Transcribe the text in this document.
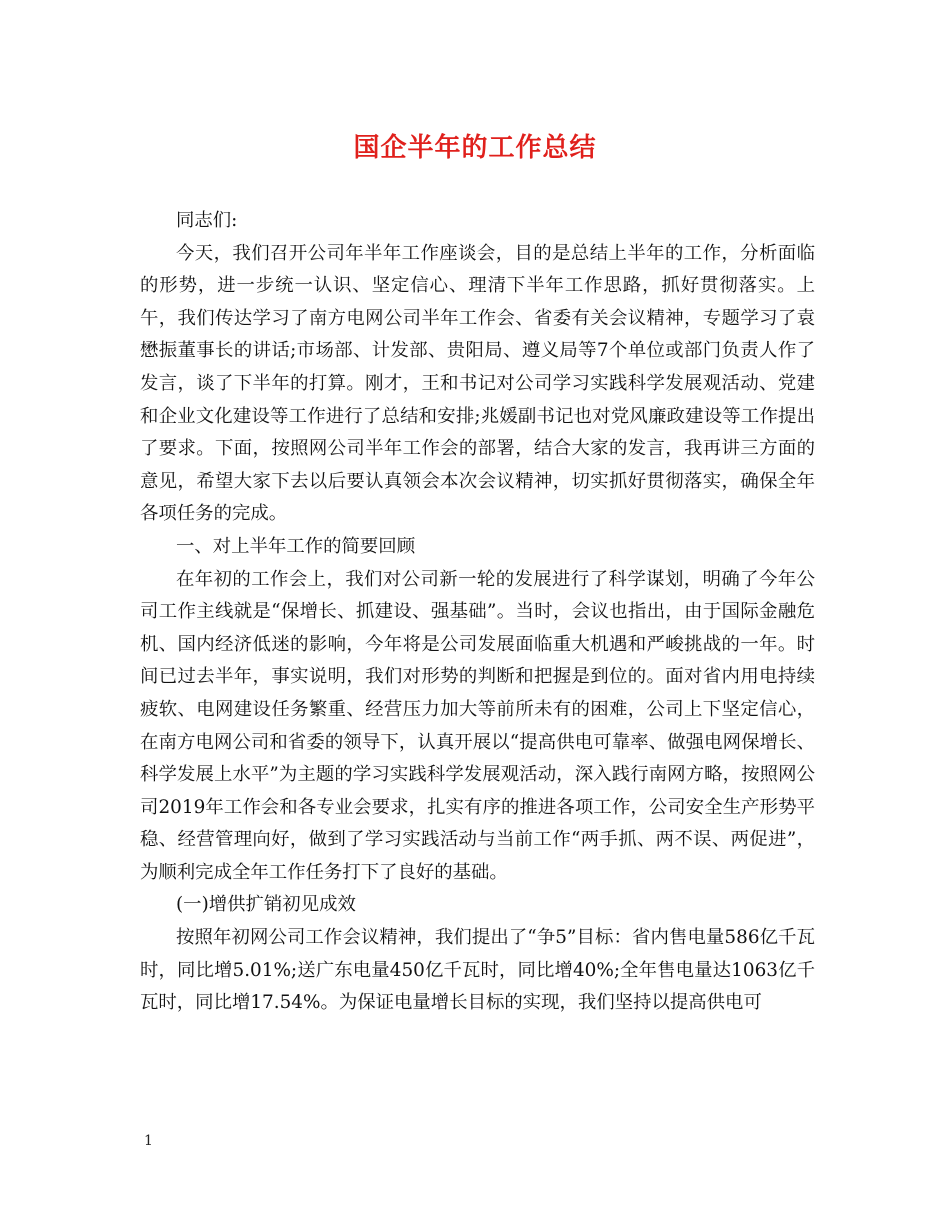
国企半年的工作总结

同志们:

今天，我们召开公司年半年工作座谈会，目的是总结上半年的工作，分析面临的形势，进一步统一认识、坚定信心、理清下半年工作思路，抓好贯彻落实。上午，我们传达学习了南方电网公司半年工作会、省委有关会议精神，专题学习了袁懋振董事长的讲话;市场部、计发部、贵阳局、遵义局等7个单位或部门负责人作了发言，谈了下半年的打算。刚才，王和书记对公司学习实践科学发展观活动、党建和企业文化建设等工作进行了总结和安排;兆媛副书记也对党风廉政建设等工作提出了要求。下面，按照网公司半年工作会的部署，结合大家的发言，我再讲三方面的意见，希望大家下去以后要认真领会本次会议精神，切实抓好贯彻落实，确保全年各项任务的完成。

一、对上半年工作的简要回顾

在年初的工作会上，我们对公司新一轮的发展进行了科学谋划，明确了今年公司工作主线就是“保增长、抓建设、强基础”。当时，会议也指出，由于国际金融危机、国内经济低迷的影响，今年将是公司发展面临重大机遇和严峻挑战的一年。时间已过去半年，事实说明，我们对形势的判断和把握是到位的。面对省内用电持续疲软、电网建设任务繁重、经营压力加大等前所未有的困难，公司上下坚定信心，在南方电网公司和省委的领导下，认真开展以“提高供电可靠率、做强电网保增长、科学发展上水平”为主题的学习实践科学发展观活动，深入践行南网方略，按照网公司2019年工作会和各专业会要求，扎实有序的推进各项工作，公司安全生产形势平稳、经营管理向好，做到了学习实践活动与当前工作“两手抓、两不误、两促进”，为顺利完成全年工作任务打下了良好的基础。

(一)增供扩销初见成效

按照年初网公司工作会议精神，我们提出了“争5”目标：省内售电量586亿千瓦时，同比增5.01%;送广东电量450亿千瓦时，同比增40%;全年售电量达1063亿千瓦时，同比增17.54%。为保证电量增长目标的实现，我们坚持以提高供电可

1
